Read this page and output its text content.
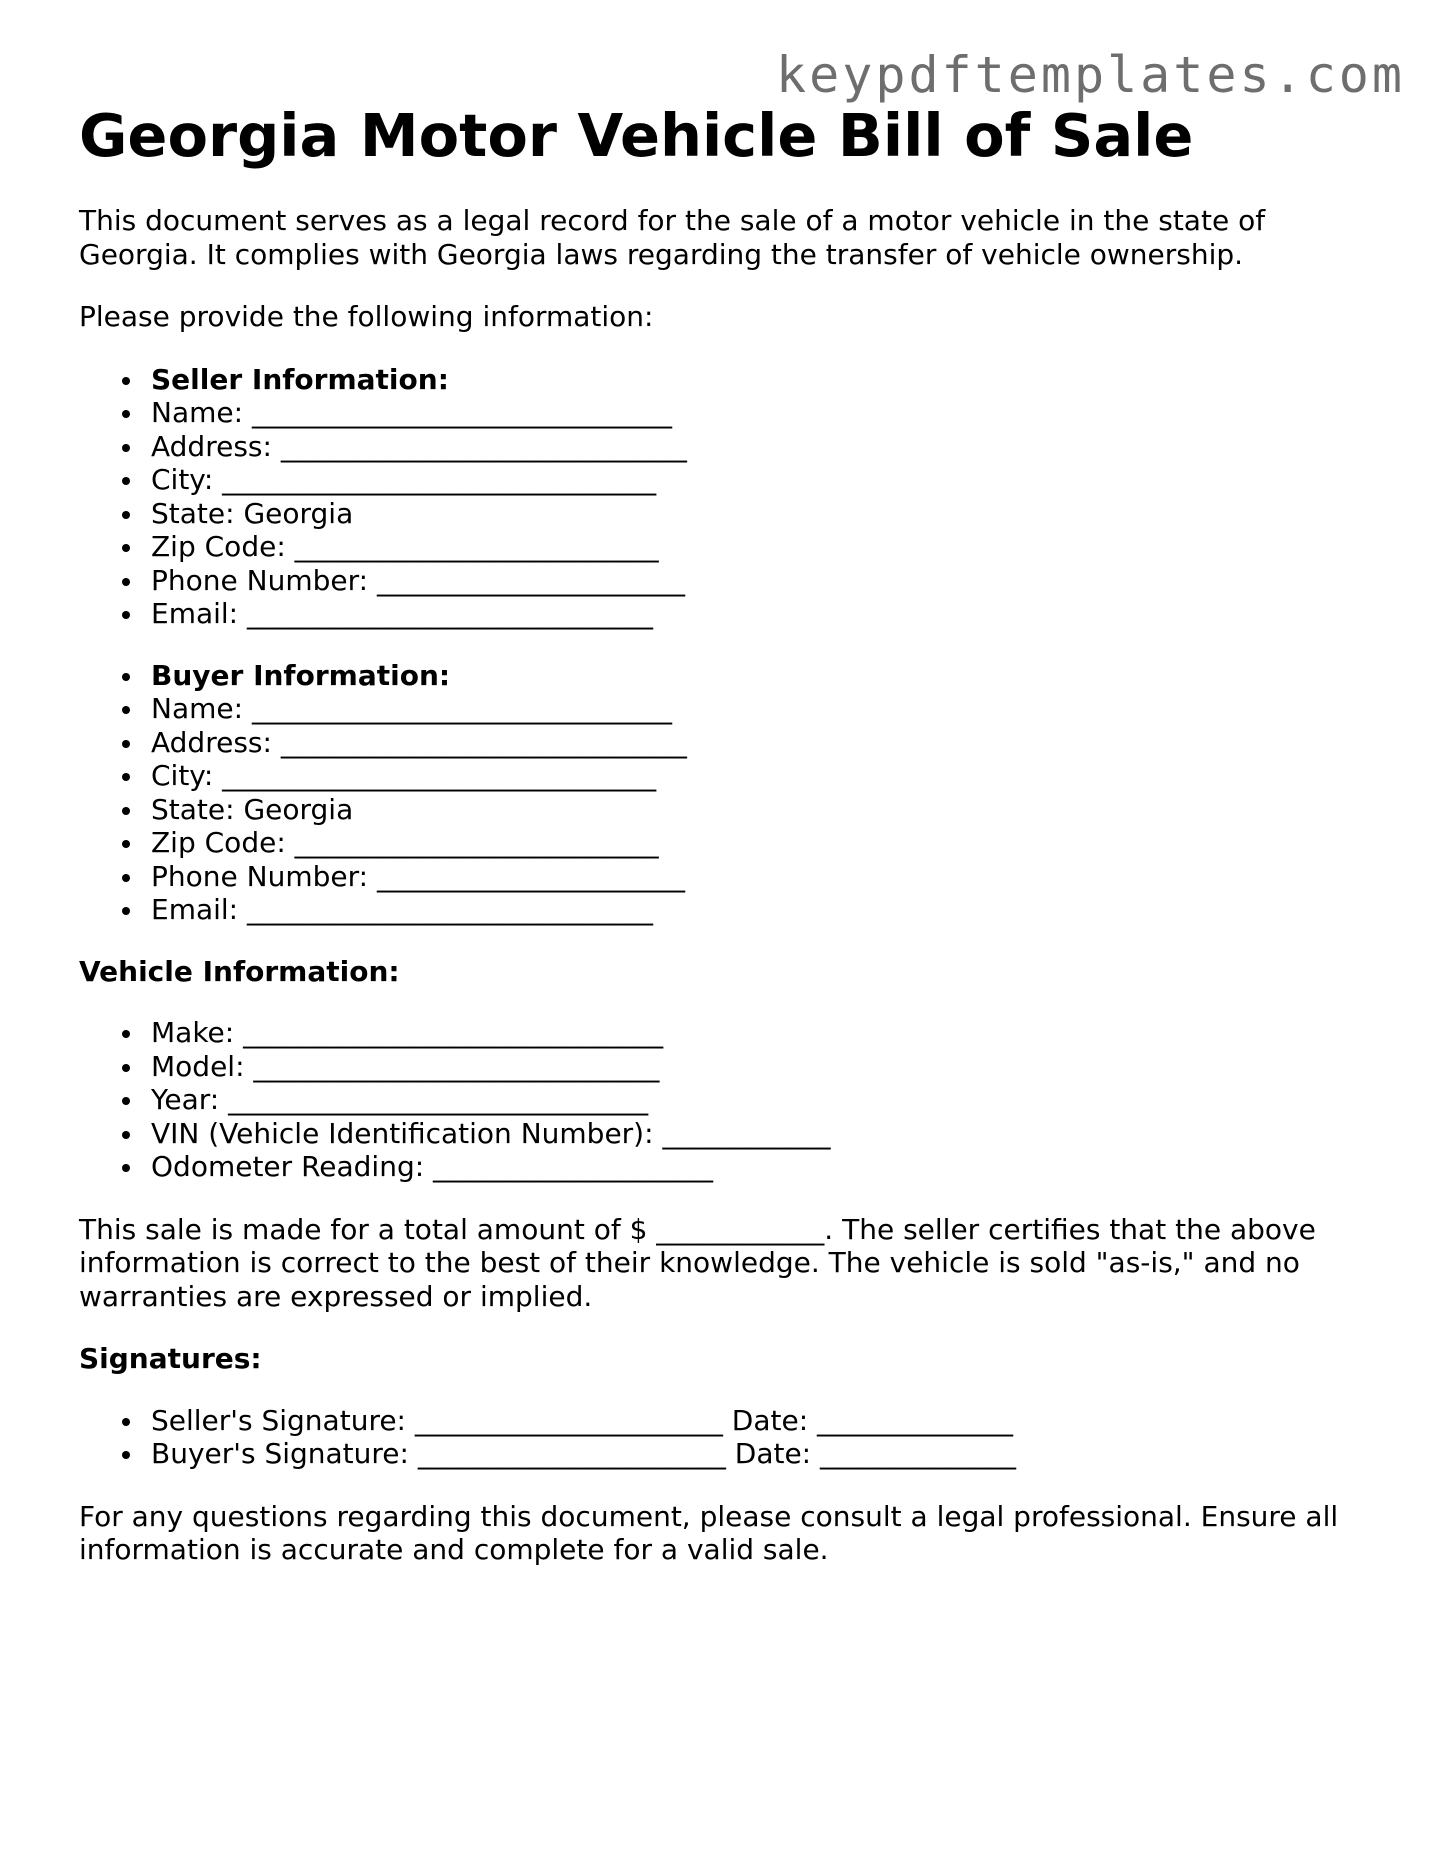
keypdftemplates.com
Georgia Motor Vehicle Bill of Sale

This document serves as a legal record for the sale of a motor vehicle in the state of Georgia. It complies with Georgia laws regarding the transfer of vehicle ownership.

Please provide the following information:

Seller Information:
Name: ______________________________
Address: _____________________________
City: _______________________________
State: Georgia
Zip Code: __________________________
Phone Number: ______________________
Email: _____________________________
Buyer Information:
Name: ______________________________
Address: _____________________________
City: _______________________________
State: Georgia
Zip Code: __________________________
Phone Number: ______________________
Email: _____________________________

Vehicle Information:

Make: ______________________________
Model: _____________________________
Year: ______________________________
VIN (Vehicle Identification Number): ____________
Odometer Reading: ____________________

This sale is made for a total amount of $ ____________. The seller certifies that the above information is correct to the best of their knowledge. The vehicle is sold "as-is," and no warranties are expressed or implied.

Signatures:

Seller's Signature: ______________________ Date: ______________
Buyer's Signature: ______________________ Date: ______________

For any questions regarding this document, please consult a legal professional. Ensure all information is accurate and complete for a valid sale.
